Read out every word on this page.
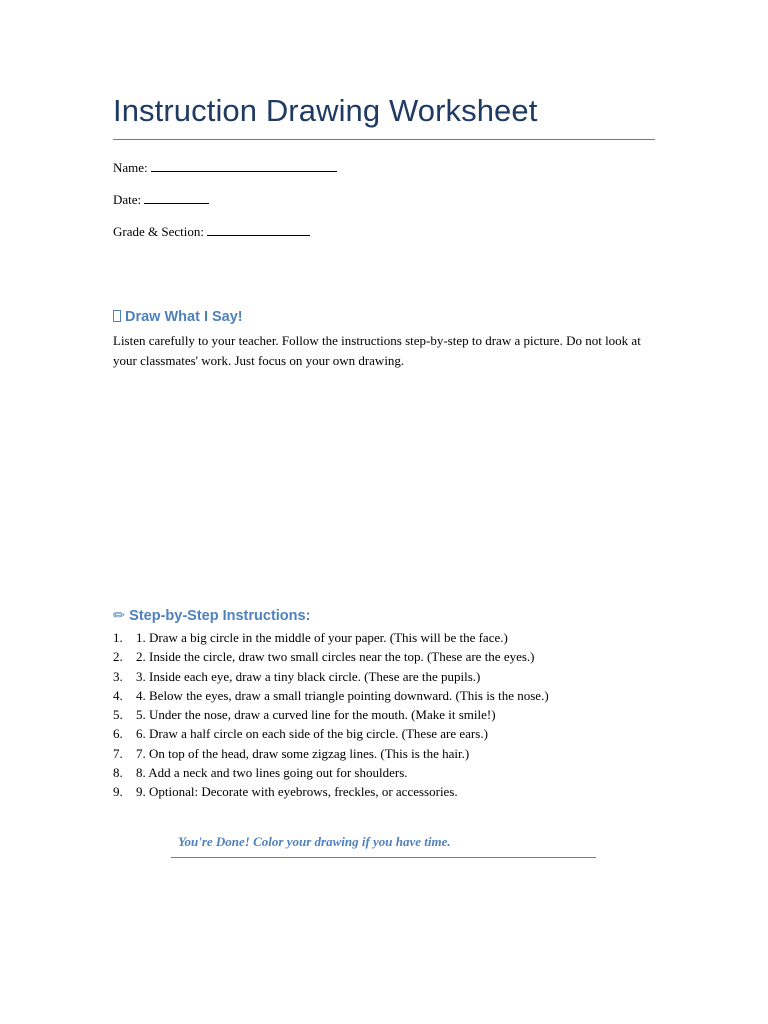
Instruction Drawing Worksheet
Name:
Date:
Grade & Section:
Draw What I Say!
Listen carefully to your teacher. Follow the instructions step-by-step to draw a picture. Do not look at your classmates' work. Just focus on your own drawing.
✏ Step-by-Step Instructions:
1. 1. Draw a big circle in the middle of your paper. (This will be the face.)
2. 2. Inside the circle, draw two small circles near the top. (These are the eyes.)
3. 3. Inside each eye, draw a tiny black circle. (These are the pupils.)
4. 4. Below the eyes, draw a small triangle pointing downward. (This is the nose.)
5. 5. Under the nose, draw a curved line for the mouth. (Make it smile!)
6. 6. Draw a half circle on each side of the big circle. (These are ears.)
7. 7. On top of the head, draw some zigzag lines. (This is the hair.)
8. 8. Add a neck and two lines going out for shoulders.
9. 9. Optional: Decorate with eyebrows, freckles, or accessories.
You're Done! Color your drawing if you have time.
